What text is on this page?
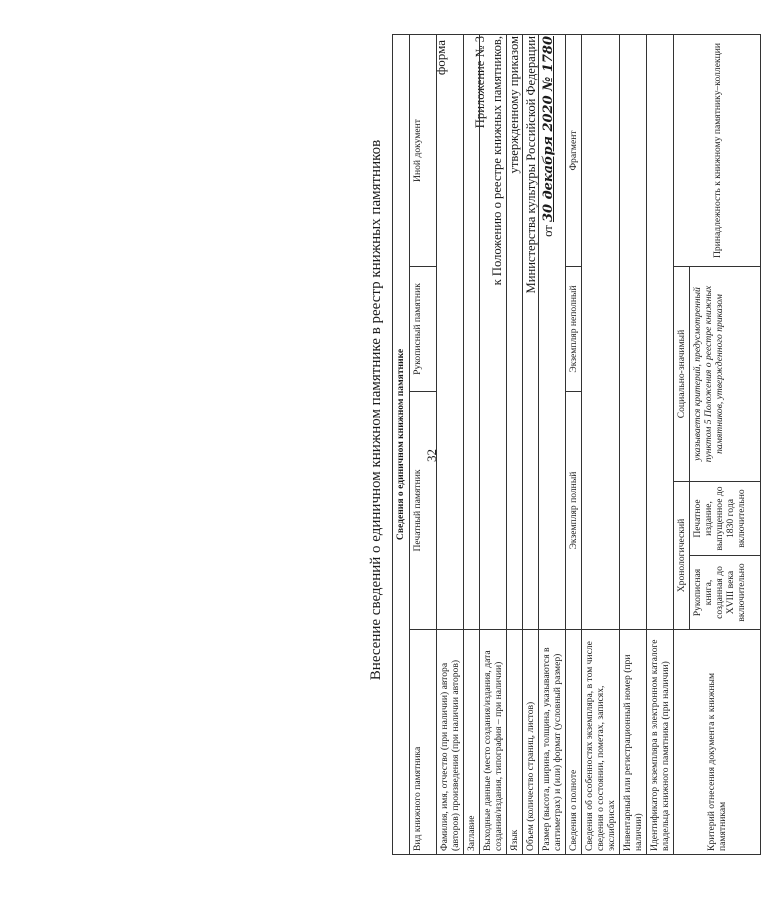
32
Приложение № 3 к Положению о реестре книжных памятников, утвержденному приказом Министерства культуры Российской Федерации от 30 декабря 2020 № 1780
форма
Внесение сведений о единичном книжном памятнике в реестр книжных памятников Сведения о единичном книжном памятнике					
Вид книжного памятника	Печатный памятник			Рукописный памятник	Иной документ
Фамилия, имя, отчество (при наличии) автора (авторов) произведения (при наличии авторов)					
Заглавие					
Выходные данные (место создания/издания, дата создания/издания, типография – при наличии)					
Язык					
Объем (количество страниц, листов)					
Размер (высота, ширина, толщина, указываются в сантиметрах) и (или) формат (условный размер)					
Сведения о полноте	Экземпляр полный			Экземпляр неполный	Фрагмент
Сведения об особенностях экземпляра, в том числе сведения о состоянии, пометах, записях, экслибрисах					
Инвентарный или регистрационный номер (при наличии)					
Идентификатор экземпляра в электронном каталоге владельца книжного памятника (при наличии)					
Критерий отнесения документа к книжным памятникам	Хронологический		Социально-значимый		Принадлежность к книжному памятнику–коллекции
	Рукописная книга, созданная до XVIII века включительно	Печатное издание, выпущенное до 1830 года включительно	указывается критерий, предусмотренный пунктом 5 Положения о реестре книжных памятников, утвержденного приказом		
